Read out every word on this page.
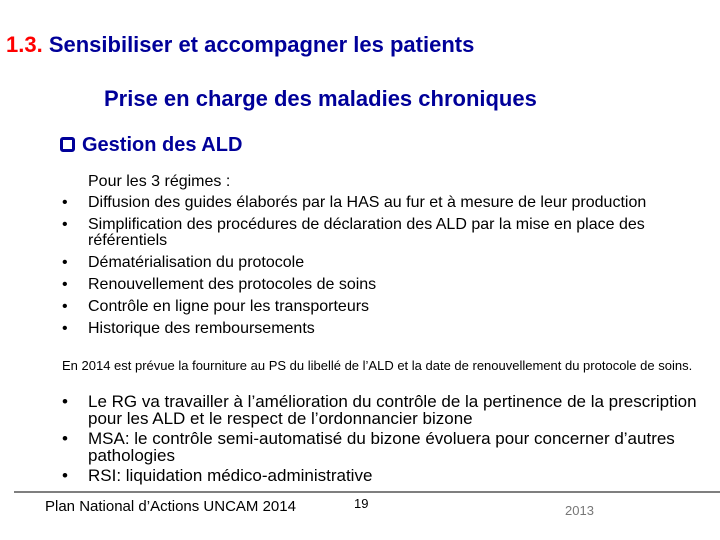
1.3. Sensibiliser et accompagner les patients
Prise en charge des maladies chroniques
Gestion des ALD
Pour les 3 régimes :
• Diffusion des guides élaborés par la HAS au fur et à mesure de leur production
• Simplification des procédures de déclaration des ALD par la mise en place des référentiels
• Dématérialisation du protocole
• Renouvellement des protocoles de soins
• Contrôle en ligne pour les transporteurs
• Historique des remboursements
En 2014 est prévue la fourniture au PS du libellé de l’ALD et la date de renouvellement du protocole de soins.
• Le RG va travailler à l’amélioration du contrôle de la pertinence de la prescription pour les ALD et le respect de l’ordonnancier bizone
• MSA: le contrôle semi-automatisé du bizone évoluera pour concerner d’autres pathologies
• RSI: liquidation médico-administrative
Plan National d’Actions UNCAM 2014	19	2013
